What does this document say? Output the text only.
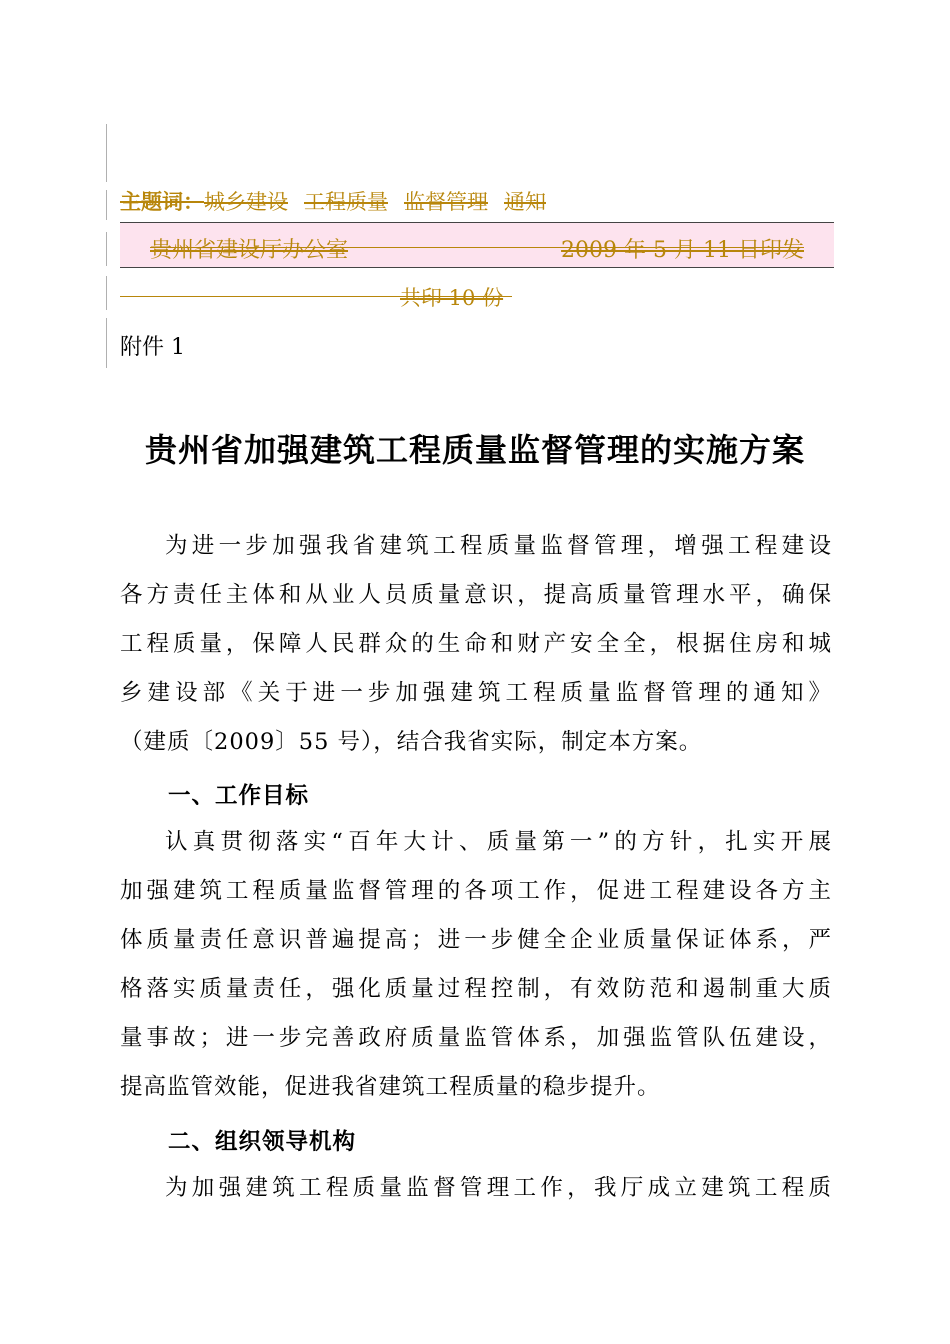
主题词：城乡建设 工程质量 监督管理 通知
贵州省建设厅办公室	2009 年 5 月 11 日印发
共印 10 份
附件 1
贵州省加强建筑工程质量监督管理的实施方案
为进一步加强我省建筑工程质量监督管理，增强工程建设
各方责任主体和从业人员质量意识，提高质量管理水平，确保
工程质量，保障人民群众的生命和财产安全全，根据住房和城
乡建设部《关于进一步加强建筑工程质量监督管理的通知》
（建质〔2009〕55 号），结合我省实际，制定本方案。
一、工作目标
认真贯彻落实“百年大计、质量第一”的方针，扎实开展
加强建筑工程质量监督管理的各项工作，促进工程建设各方主
体质量责任意识普遍提高；进一步健全企业质量保证体系，严
格落实质量责任，强化质量过程控制，有效防范和遏制重大质
量事故；进一步完善政府质量监管体系，加强监管队伍建设，
提高监管效能，促进我省建筑工程质量的稳步提升。
二、组织领导机构
为加强建筑工程质量监督管理工作，我厅成立建筑工程质
